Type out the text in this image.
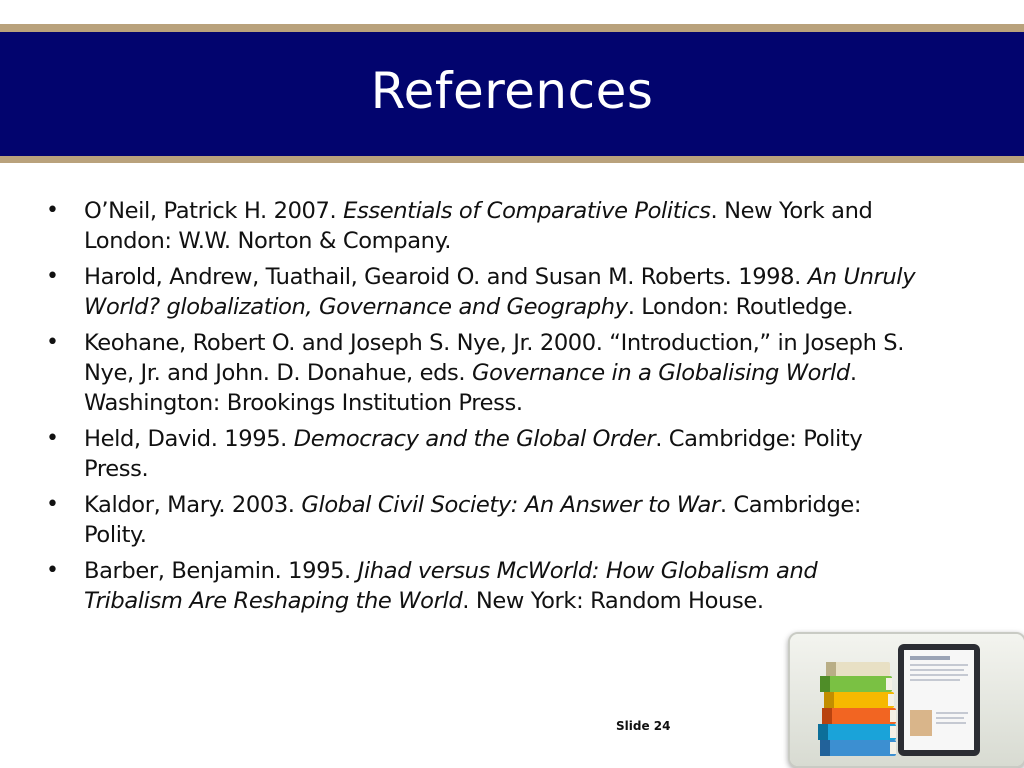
References
• O’Neil, Patrick H. 2007. Essentials of Comparative Politics. New York and London: W.W. Norton & Company.
• Harold, Andrew, Tuathail, Gearoid O. and Susan M. Roberts. 1998. An Unruly World? globalization, Governance and Geography. London: Routledge.
• Keohane, Robert O. and Joseph S. Nye, Jr. 2000. “Introduction,” in Joseph S. Nye, Jr. and John. D. Donahue, eds. Governance in a Globalising World. Washington: Brookings Institution Press.
• Held, David. 1995. Democracy and the Global Order. Cambridge: Polity Press.
• Kaldor, Mary. 2003. Global Civil Society: An Answer to War. Cambridge: Polity.
• Barber, Benjamin. 1995. Jihad versus McWorld: How Globalism and Tribalism Are Reshaping the World. New York: Random House.
Slide 24
